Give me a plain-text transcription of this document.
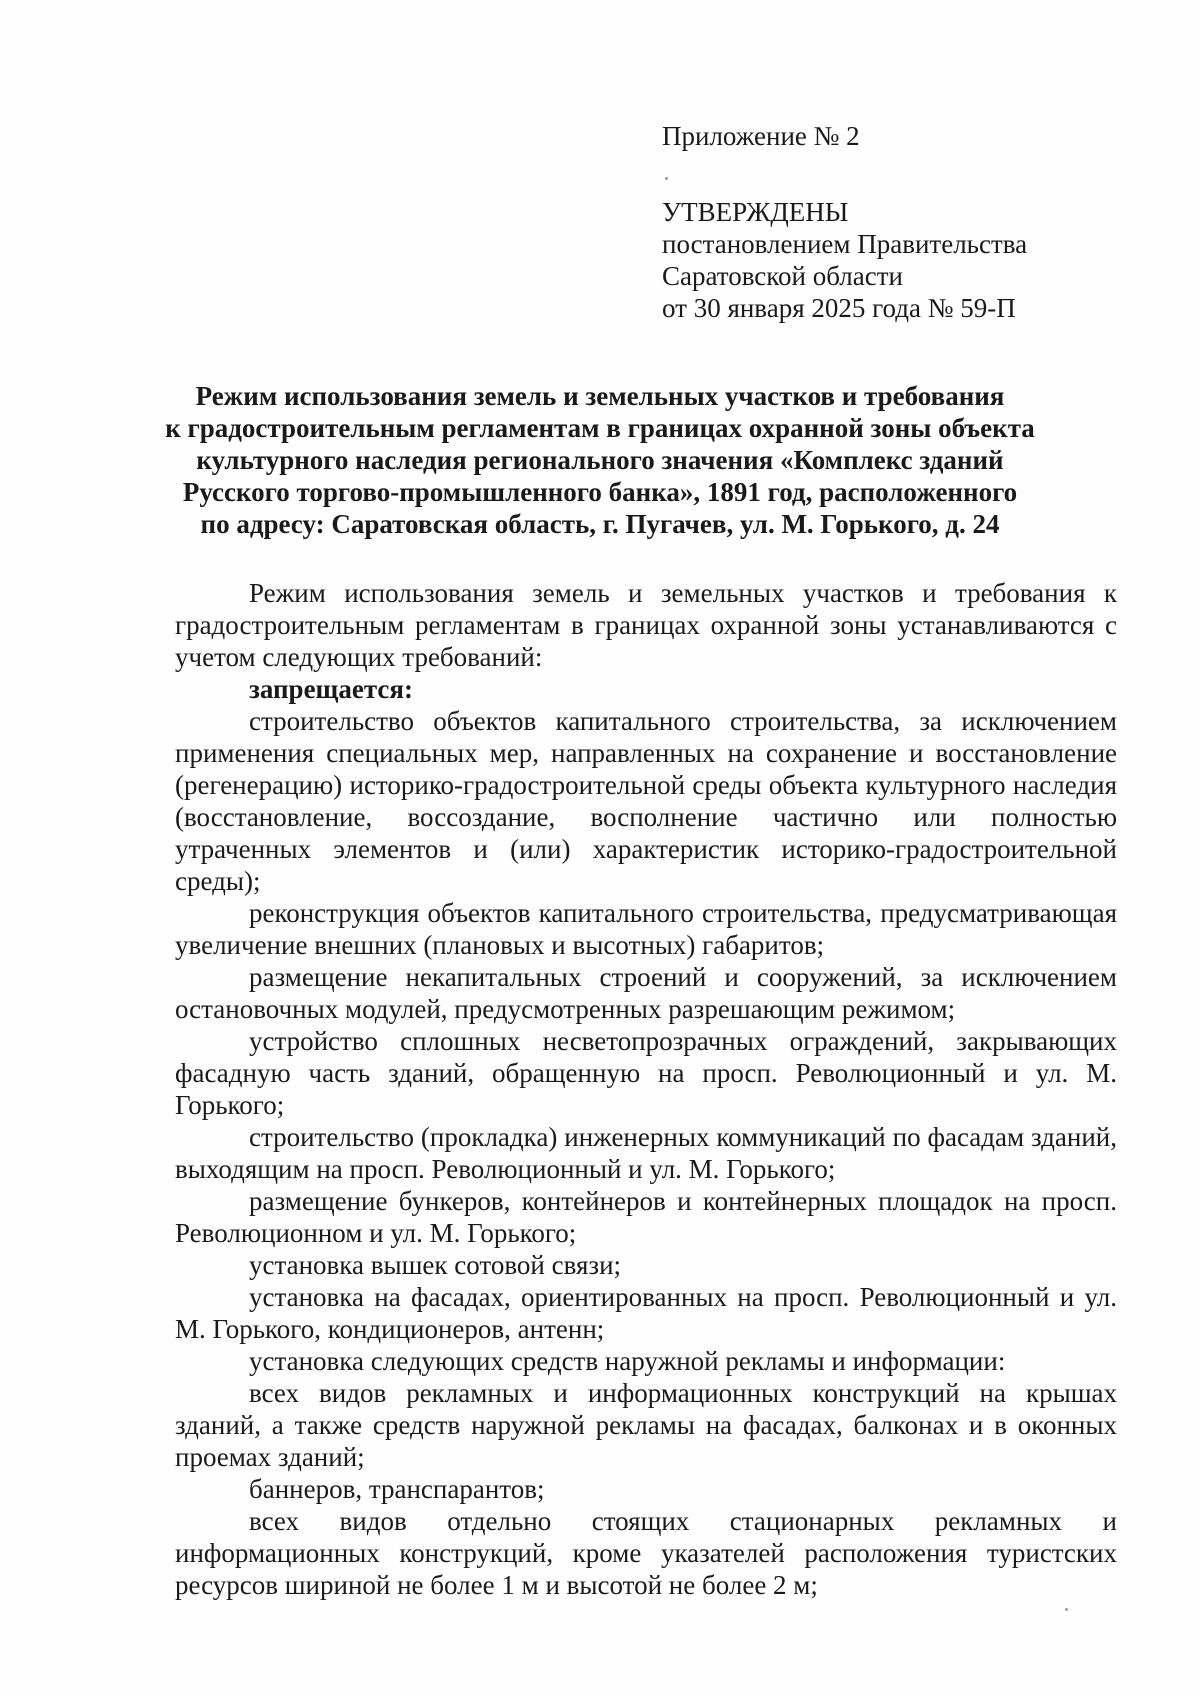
Приложение № 2

УТВЕРЖДЕНЫ

постановлением Правительства

Саратовской области

от 30 января 2025 года № 59-П

Режим использования земель и земельных участков и требования
к градостроительным регламентам в границах охранной зоны объекта
культурного наследия регионального значения «Комплекс зданий
Русского торгово-промышленного банка», 1891 год, расположенного
по адресу: Саратовская область, г. Пугачев, ул. М. Горького, д. 24

Режим использования земель и земельных участков и требования к градостроительным регламентам в границах охранной зоны устанавливаются с учетом следующих требований:

запрещается:

строительство объектов капитального строительства, за исключением применения специальных мер, направленных на сохранение и восстановление (регенерацию) историко-градостроительной среды объекта культурного наследия (восстановление, воссоздание, восполнение частично или полностью утраченных элементов и (или) характеристик историко-градостроительной среды);

реконструкция объектов капитального строительства, предусматривающая увеличение внешних (плановых и высотных) габаритов;

размещение некапитальных строений и сооружений, за исключением остановочных модулей, предусмотренных разрешающим режимом;

устройство сплошных несветопрозрачных ограждений, закрывающих фасадную часть зданий, обращенную на просп. Революционный и ул. М. Горького;

строительство (прокладка) инженерных коммуникаций по фасадам зданий, выходящим на просп. Революционный и ул. М. Горького;

размещение бункеров, контейнеров и контейнерных площадок на просп. Революционном и ул. М. Горького;

установка вышек сотовой связи;

установка на фасадах, ориентированных на просп. Революционный и ул. М. Горького, кондиционеров, антенн;

установка следующих средств наружной рекламы и информации:

всех видов рекламных и информационных конструкций на крышах зданий, а также средств наружной рекламы на фасадах, балконах и в оконных проемах зданий;

баннеров, транспарантов;

всех видов отдельно стоящих стационарных рекламных и информационных конструкций, кроме указателей расположения туристских ресурсов шириной не более 1 м и высотой не более 2 м;
